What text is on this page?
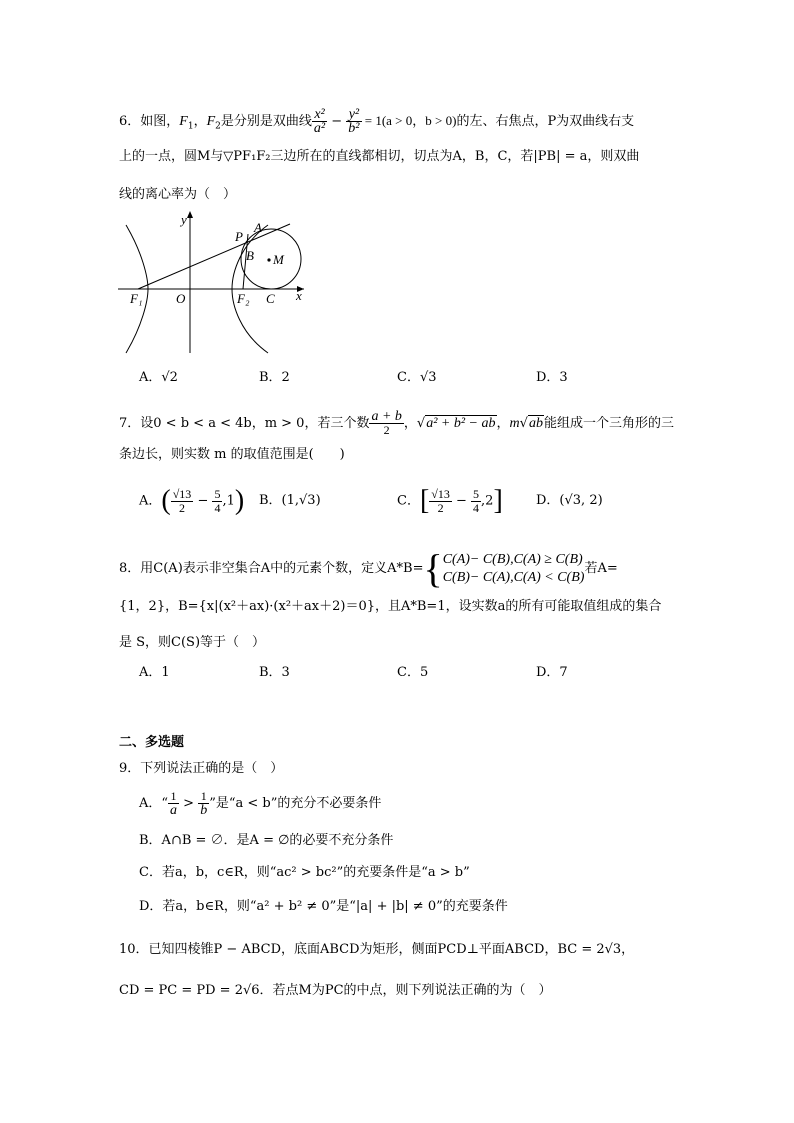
6．如图，$F_1$，$F_2$是分别是双曲线 $\frac{\text{x²}}{\text{a²}} - \frac{\text{y²}}{\text{b²}} = 1(a > 0$，b > 0)的左、右焦点，P为双曲线右支
上的一点，圆M与▽PF₁F₂三边所在的直线都相切，切点为A，B，C，若|PB| = a，则双曲
线的离心率为（　）
y
x
P
A
B M
O
F₁	F₂ C
A．√2	B．2	C．√3	D．3
7．设0 < b < a < 4b，m > 0，若三个数 $\frac{a + b}{2}$ ，√a² + b² − ab，m√ab能组成一个三角形的三
条边长，则实数 m 的取值范围是(　　)
A．( $\frac{√13}{2} - \frac{5}{4} ,1$) B．(1,√3)	C．[ $\frac{√13}{2} - \frac{5}{4} ,2$]	D．(√3, 2)
8．用C(A)表示非空集合A中的元素个数，定义A*B={ C(A)− C(B),C(A) ≥ C(B)
C(B)− C(A),C(A) < C(B)
若A=
{1，2}，B={x|(x²＋ax)·(x²＋ax＋2)＝0}，且A*B=1，设实数a的所有可能取值组成的集合
是 S，则C(S)等于（　）
A．1	B．3	C．5	D．7
二、多选题
9．下列说法正确的是（　）
A．“ $\frac{1}{a} > \frac{1}{b}$ ”是“a < b”的充分不必要条件
B．A∩B = ∅．是A = ∅的必要不充分条件
C．若a，b，c∈R，则“ac² > bc²”的充要条件是“a > b”
D．若a，b∈R，则“a² + b² ≠ 0”是“|a| + |b| ≠ 0”的充要条件
10．已知四棱锥P − ABCD，底面ABCD为矩形，侧面PCD⊥平面ABCD，BC = 2√3，
CD = PC = PD = 2√6．若点M为PC的中点，则下列说法正确的为（　）
